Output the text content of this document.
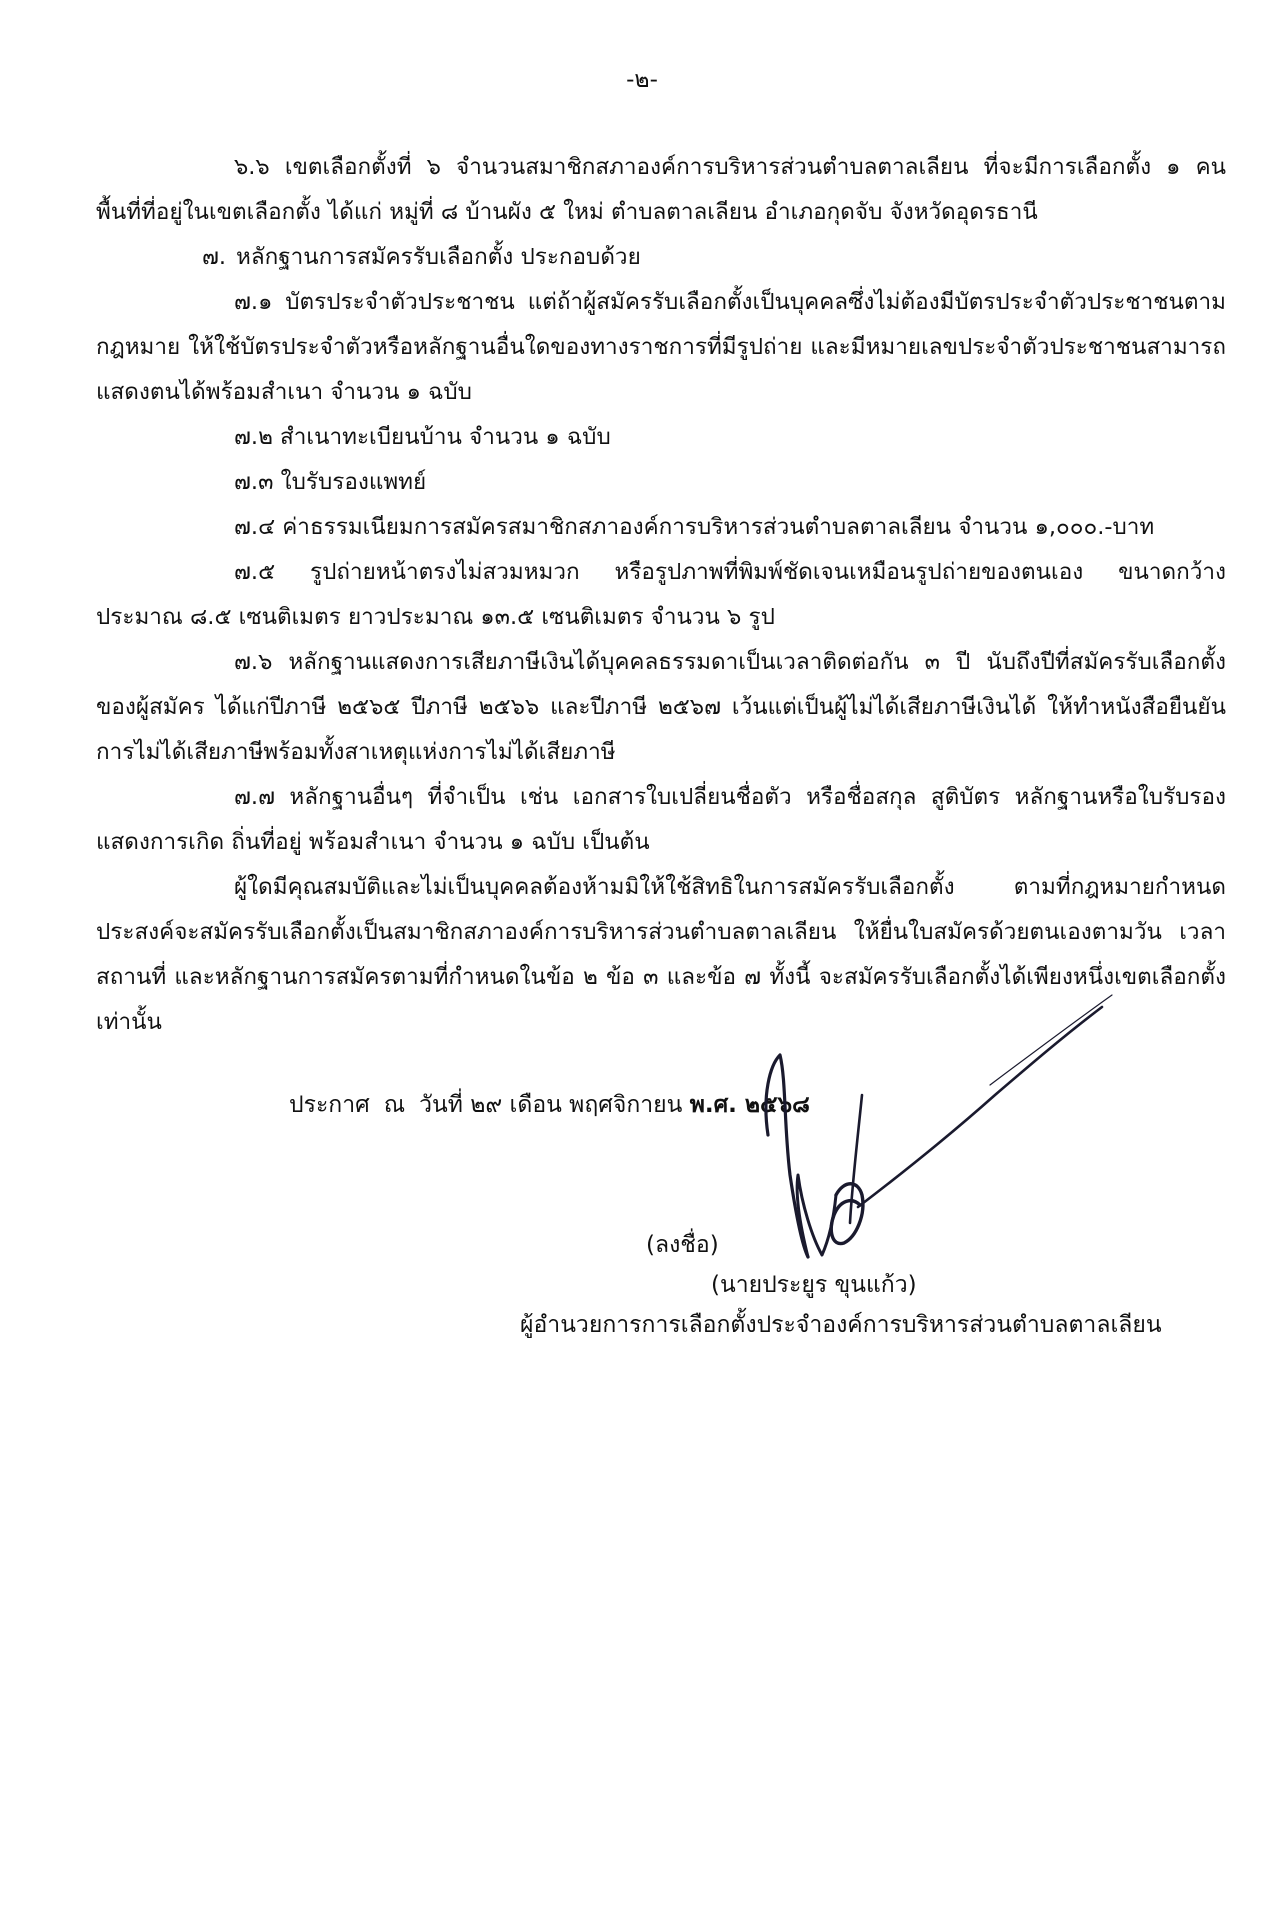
-๒-

๖.๖ เขตเลือกตั้งที่ ๖ จำนวนสมาชิกสภาองค์การบริหารส่วนตำบลตาลเลียน ที่จะมีการเลือกตั้ง ๑ คน พื้นที่ที่อยู่ในเขตเลือกตั้ง ได้แก่ หมู่ที่ ๘ บ้านผัง ๕ ใหม่ ตำบลตาลเลียน อำเภอกุดจับ จังหวัดอุดรธานี

๗. หลักฐานการสมัครรับเลือกตั้ง ประกอบด้วย

๗.๑ บัตรประจำตัวประชาชน แต่ถ้าผู้สมัครรับเลือกตั้งเป็นบุคคลซึ่งไม่ต้องมีบัตรประจำตัวประชาชนตามกฎหมาย ให้ใช้บัตรประจำตัวหรือหลักฐานอื่นใดของทางราชการที่มีรูปถ่าย และมีหมายเลขประจำตัวประชาชนสามารถแสดงตนได้พร้อมสำเนา จำนวน ๑ ฉบับ

๗.๒ สำเนาทะเบียนบ้าน จำนวน ๑ ฉบับ

๗.๓ ใบรับรองแพทย์

๗.๔ ค่าธรรมเนียมการสมัครสมาชิกสภาองค์การบริหารส่วนตำบลตาลเลียน จำนวน ๑,๐๐๐.-บาท

๗.๕ รูปถ่ายหน้าตรงไม่สวมหมวก หรือรูปภาพที่พิมพ์ชัดเจนเหมือนรูปถ่ายของตนเอง ขนาดกว้างประมาณ ๘.๕ เซนติเมตร ยาวประมาณ ๑๓.๕ เซนติเมตร จำนวน ๖ รูป

๗.๖ หลักฐานแสดงการเสียภาษีเงินได้บุคคลธรรมดาเป็นเวลาติดต่อกัน ๓ ปี นับถึงปีที่สมัครรับเลือกตั้งของผู้สมัคร ได้แก่ปีภาษี ๒๕๖๕ ปีภาษี ๒๕๖๖ และปีภาษี ๒๕๖๗ เว้นแต่เป็นผู้ไม่ได้เสียภาษีเงินได้ ให้ทำหนังสือยืนยันการไม่ได้เสียภาษีพร้อมทั้งสาเหตุแห่งการไม่ได้เสียภาษี

๗.๗ หลักฐานอื่นๆ ที่จำเป็น เช่น เอกสารใบเปลี่ยนชื่อตัว หรือชื่อสกุล สูติบัตร หลักฐานหรือใบรับรองแสดงการเกิด ถิ่นที่อยู่ พร้อมสำเนา จำนวน ๑ ฉบับ เป็นต้น

ผู้ใดมีคุณสมบัติและไม่เป็นบุคคลต้องห้ามมิให้ใช้สิทธิในการสมัครรับเลือกตั้ง ตามที่กฎหมายกำหนดประสงค์จะสมัครรับเลือกตั้งเป็นสมาชิกสภาองค์การบริหารส่วนตำบลตาลเลียน ให้ยื่นใบสมัครด้วยตนเองตามวัน เวลา สถานที่ และหลักฐานการสมัครตามที่กำหนดในข้อ ๒ ข้อ ๓ และข้อ ๗ ทั้งนี้ จะสมัครรับเลือกตั้งได้เพียงหนึ่งเขตเลือกตั้งเท่านั้น

ประกาศ ณ วันที่ ๒๙ เดือน พฤศจิกายน พ.ศ. ๒๕๖๘
(ลงชื่อ)
(นายประยูร ขุนแก้ว)
ผู้อำนวยการการเลือกตั้งประจำองค์การบริหารส่วนตำบลตาลเลียน
